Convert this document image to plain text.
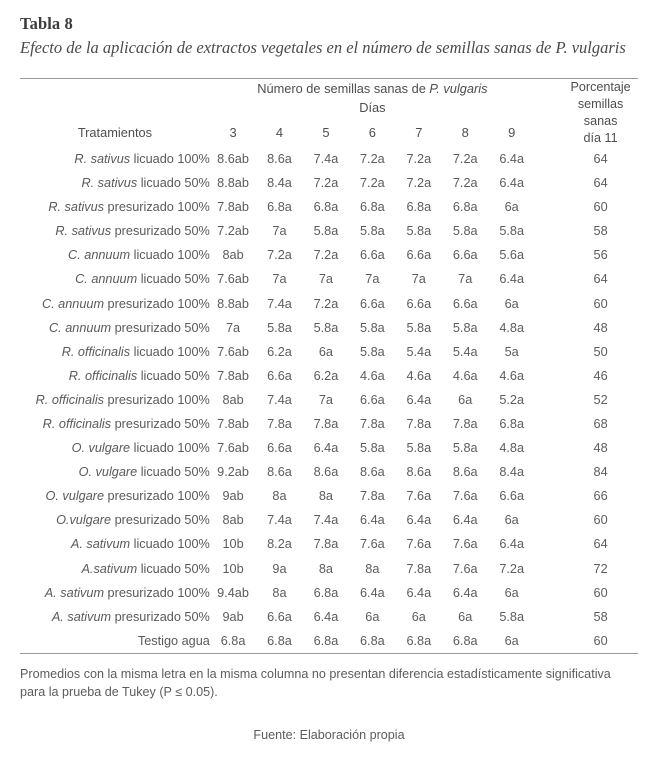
Tabla 8
Efecto de la aplicación de extractos vegetales en el número de semillas sanas de P. vulgaris
	Número de semillas sanas de P. vulgaris								Porcentaje
semillas sanas
día 11

	Días								
Tratamientos	3	4	5	6	7	8	9		
R. sativus licuado 100%	8.6ab	8.6a	7.4a	7.2a	7.2a	7.2a	6.4a		64
R. sativus licuado 50%	8.8ab	8.4a	7.2a	7.2a	7.2a	7.2a	6.4a		64
R. sativus presurizado 100%	7.8ab	6.8a	6.8a	6.8a	6.8a	6.8a	6a		60
R. sativus presurizado 50%	7.2ab	7a	5.8a	5.8a	5.8a	5.8a	5.8a		58
C. annuum licuado 100%	8ab	7.2a	7.2a	6.6a	6.6a	6.6a	5.6a		56
C. annuum licuado 50%	7.6ab	7a	7a	7a	7a	7a	6.4a		64
C. annuum presurizado 100%	8.8ab	7.4a	7.2a	6.6a	6.6a	6.6a	6a		60
C. annuum presurizado 50%	7a	5.8a	5.8a	5.8a	5.8a	5.8a	4.8a		48
R. officinalis licuado 100%	7.6ab	6.2a	6a	5.8a	5.4a	5.4a	5a		50
R. officinalis licuado 50%	7.8ab	6.6a	6.2a	4.6a	4.6a	4.6a	4.6a		46
R. officinalis presurizado 100%	8ab	7.4a	7a	6.6a	6.4a	6a	5.2a		52
R. officinalis presurizado 50%	7.8ab	7.8a	7.8a	7.8a	7.8a	7.8a	6.8a		68
O. vulgare licuado 100%	7.6ab	6.6a	6.4a	5.8a	5.8a	5.8a	4.8a		48
O. vulgare licuado 50%	9.2ab	8.6a	8.6a	8.6a	8.6a	8.6a	8.4a		84
O. vulgare presurizado 100%	9ab	8a	8a	7.8a	7.6a	7.6a	6.6a		66
O.vulgare presurizado 50%	8ab	7.4a	7.4a	6.4a	6.4a	6.4a	6a		60
A. sativum licuado 100%	10b	8.2a	7.8a	7.6a	7.6a	7.6a	6.4a		64
A.sativum licuado 50%	10b	9a	8a	8a	7.8a	7.6a	7.2a		72
A. sativum presurizado 100%	9.4ab	8a	6.8a	6.4a	6.4a	6.4a	6a		60
A. sativum presurizado 50%	9ab	6.6a	6.4a	6a	6a	6a	5.8a		58
Testigo agua	6.8a	6.8a	6.8a	6.8a	6.8a	6.8a	6a		60
Promedios con la misma letra en la misma columna no presentan diferencia estadísticamente significativa para la prueba de Tukey (P ≤ 0.05).
Fuente: Elaboración propia
